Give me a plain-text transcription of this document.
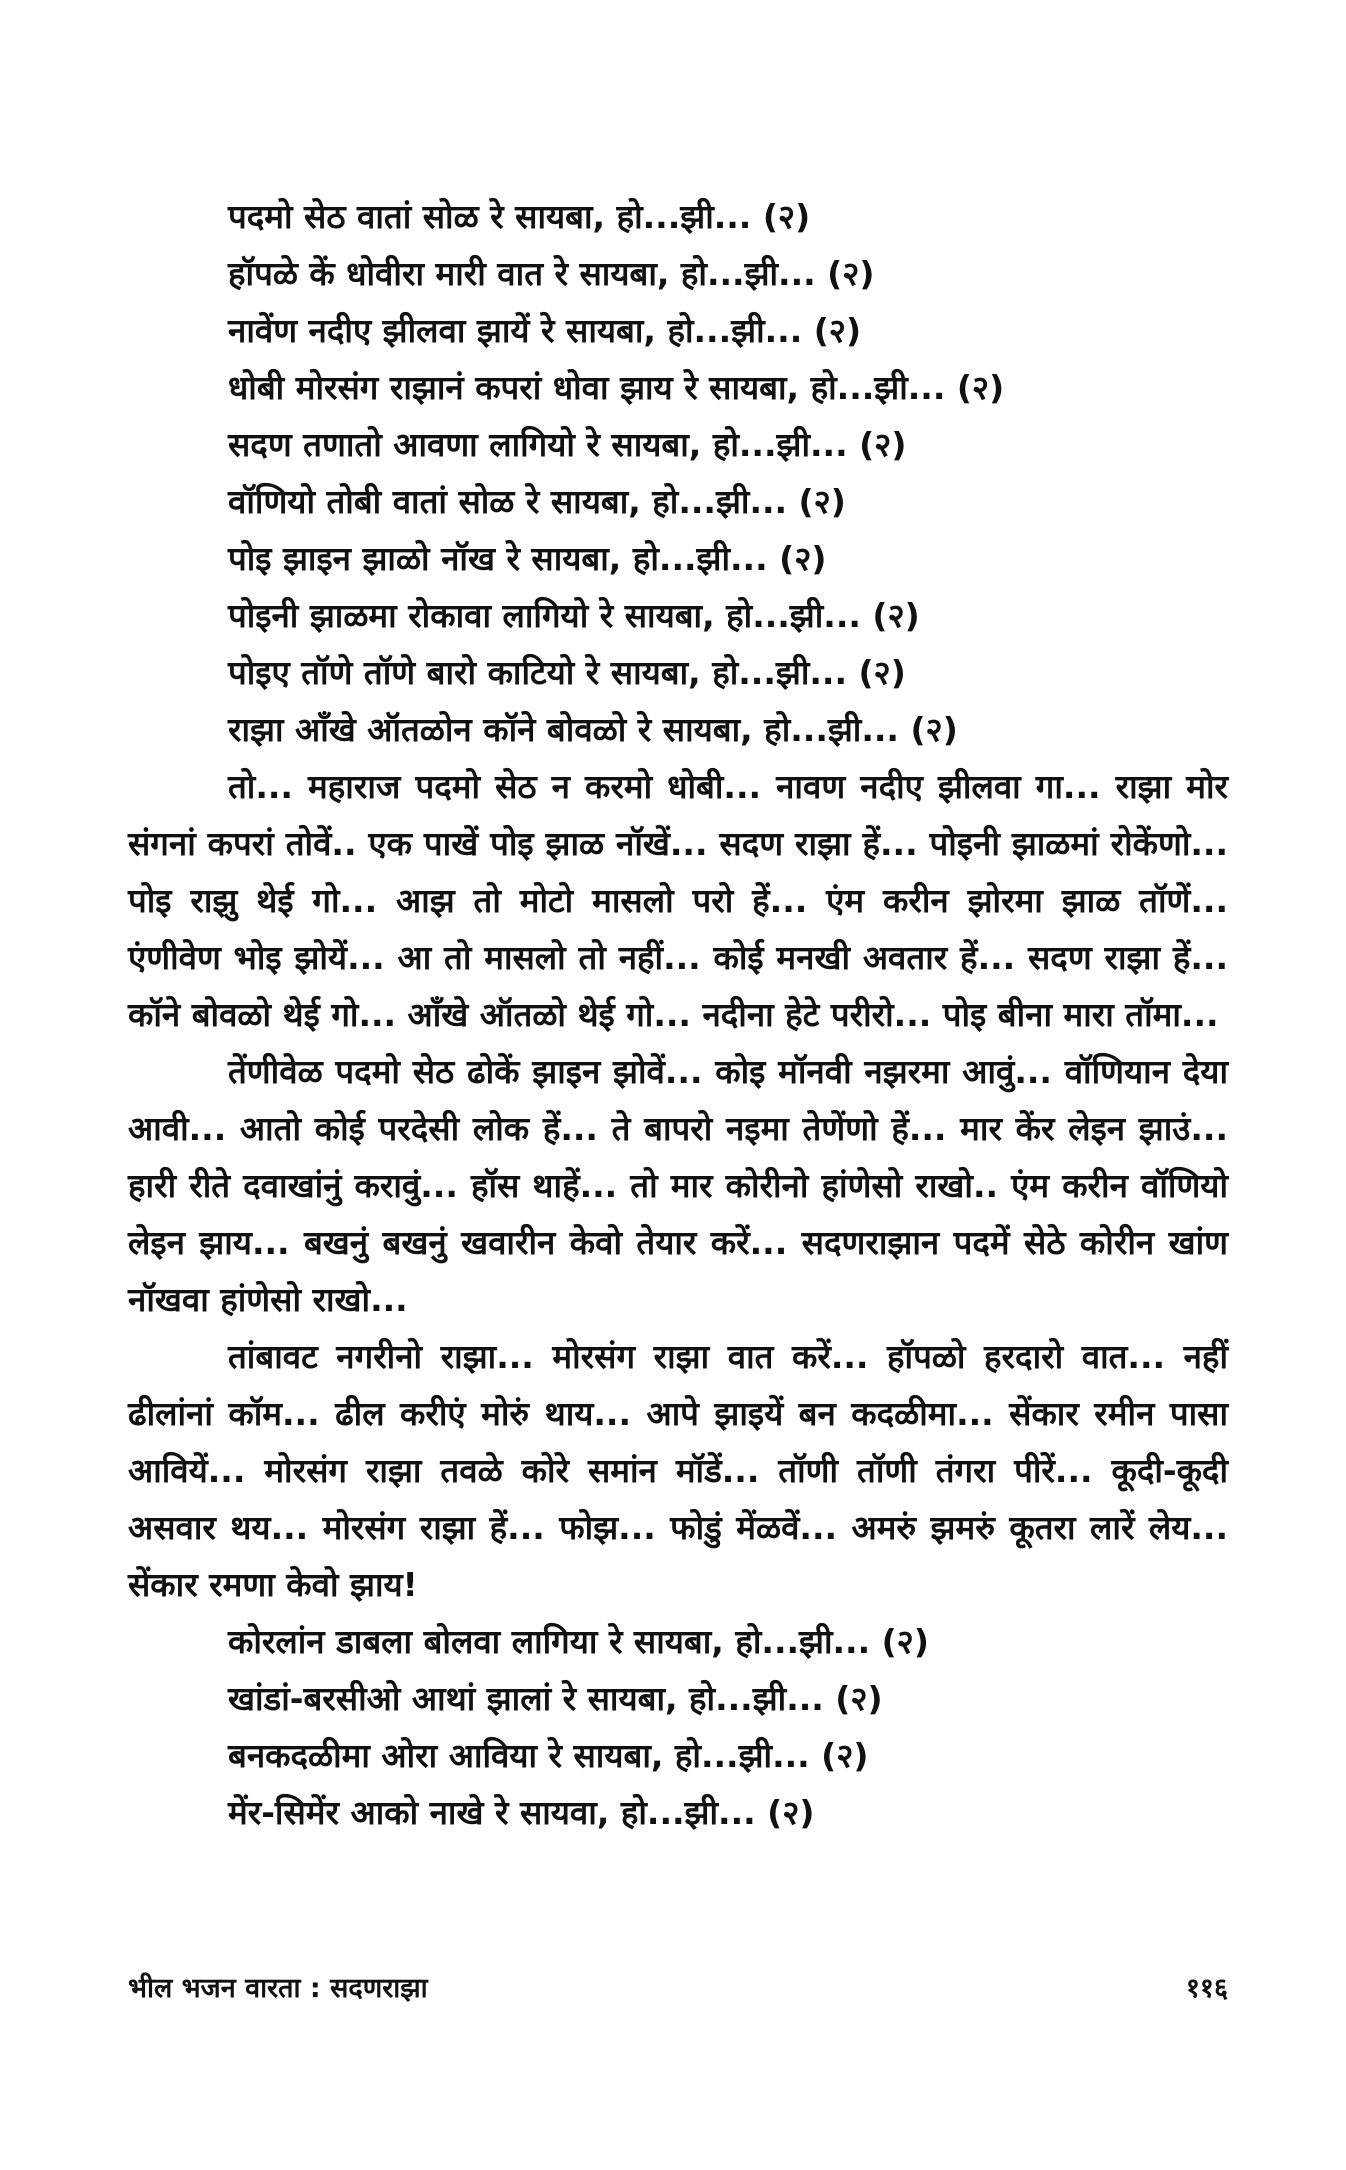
पदमो सेठ वातां सोळ रे सायबा, हो...झी... (२)
हॉपळे कें धोवीरा मारी वात रे सायबा, हो...झी... (२)
नावेंण नदीए झीलवा झायें रे सायबा, हो...झी... (२)
धोबी मोरसंग राझानं कपरां धोवा झाय रे सायबा, हो...झी... (२)
सदण तणातो आवणा लागियो रे सायबा, हो...झी... (२)
वॉणियो तोबी वातां सोळ रे सायबा, हो...झी... (२)
पोइ झाइन झाळो नॉख रे सायबा, हो...झी... (२)
पोइनी झाळमा रोकावा लागियो रे सायबा, हो...झी... (२)
पोइए तॉणे तॉणे बारो काटियो रे सायबा, हो...झी... (२)
राझा आँखे ऑतळोन कॉने बोवळो रे सायबा, हो...झी... (२)

तो... महाराज पदमो सेठ न करमो धोबी... नावण नदीए झीलवा गा... राझा मोर संगनां कपरां तोवें.. एक पाखें पोइ झाळ नॉखें... सदण राझा हें... पोइनी झाळमां रोकेंणो... पोइ राझु थेई गो... आझ तो मोटो मासलो परो हें... एंम करीन झोरमा झाळ तॉणें... एंणीवेण भोइ झोयें... आ तो मासलो तो नहीं... कोई मनखी अवतार हें... सदण राझा हें... कॉने बोवळो थेई गो... आँखे ऑतळो थेई गो... नदीना हेटे परीरो... पोइ बीना मारा तॉमा...

तेंणीवेळ पदमो सेठ ढोकें झाइन झोवें... कोइ मॉनवी नझरमा आवुं... वॉणियान देया आवी... आतो कोई परदेसी लोक हें... ते बापरो नइमा तेणेंणो हें... मार केंर लेइन झाउं... हारी रीते दवाखांनुं करावुं... हॉस थाहें... तो मार कोरीनो हांणेसो राखो.. एंम करीन वॉणियो लेइन झाय... बखनुं बखनुं खवारीन केवो तेयार करें... सदणराझान पदमें सेठे कोरीन खांण नॉखवा हांणेसो राखो...

तांबावट नगरीनो राझा... मोरसंग राझा वात करें... हॉपळो हरदारो वात... नहीं ढीलांनां कॉम... ढील करीएं मोरुं थाय... आपे झाइयें बन कदळीमा... सेंकार रमीन पासा आवियें... मोरसंग राझा तवळे कोरे समांन मॉडें... तॉणी तॉणी तंगरा पीरें... कूदी-कूदी असवार थय... मोरसंग राझा हें... फोझ... फोडुं मेंळवें... अमरुं झमरुं कूतरा लारें लेय... सेंकार रमणा केवो झाय!

कोरलांन डाबला बोलवा लागिया रे सायबा, हो...झी... (२)
खांडां-बरसीओ आथां झालां रे सायबा, हो...झी... (२)
बनकदळीमा ओरा आविया रे सायबा, हो...झी... (२)
मेंर-सिमेंर आको नाखे रे सायवा, हो...झी... (२)
भील भजन वारता : सदणराझा	११६
